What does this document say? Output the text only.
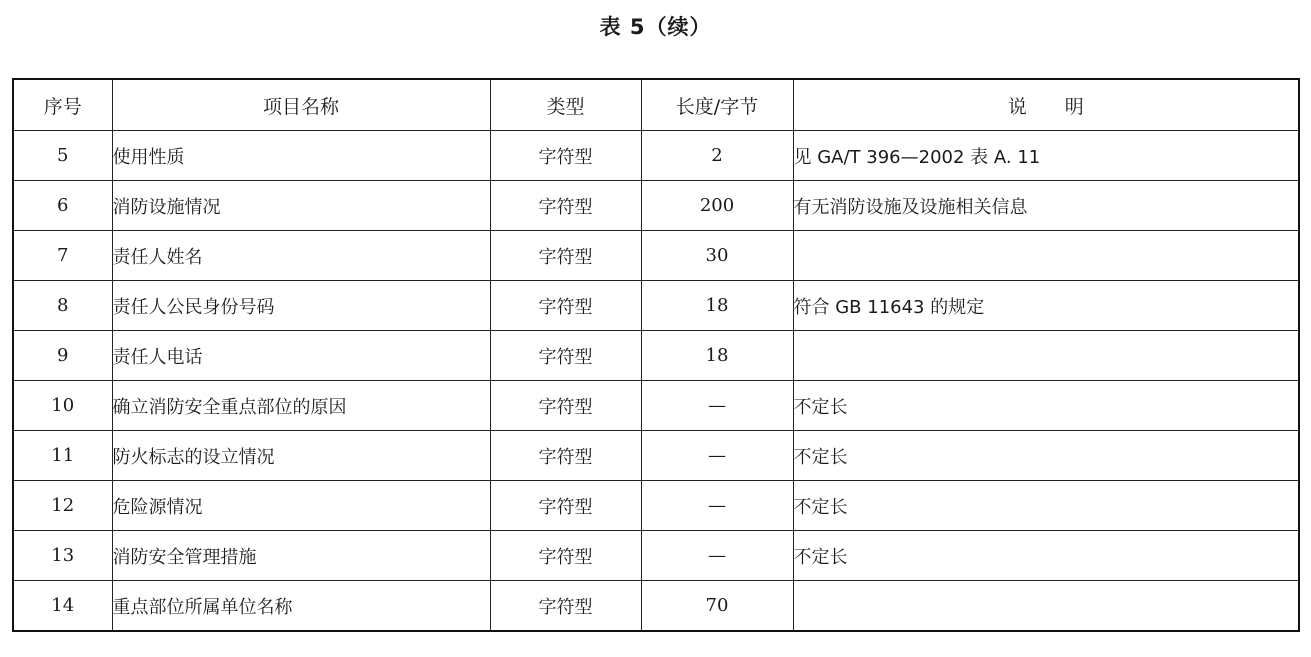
表 5（续）
序号	项目名称	类型	长度/字节	说　　明
5	使用性质	字符型	2	见 GA/T 396—2002 表 A. 11
6	消防设施情况	字符型	200	有无消防设施及设施相关信息
7	责任人姓名	字符型	30	
8	责任人公民身份号码	字符型	18	符合 GB 11643 的规定
9	责任人电话	字符型	18	
10	确立消防安全重点部位的原因	字符型	—	不定长
11	防火标志的设立情况	字符型	—	不定长
12	危险源情况	字符型	—	不定长
13	消防安全管理措施	字符型	—	不定长
14	重点部位所属单位名称	字符型	70	
